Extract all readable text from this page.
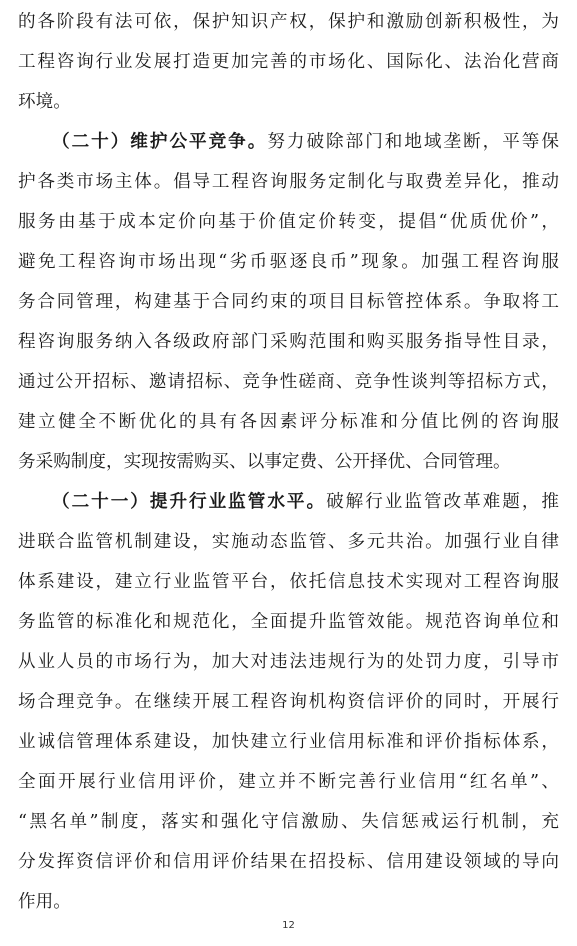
的各阶段有法可依，保护知识产权，保护和激励创新积极性，为
工程咨询行业发展打造更加完善的市场化、国际化、法治化营商
环境。
（二十）维护公平竞争。努力破除部门和地域垄断，平等保
护各类市场主体。倡导工程咨询服务定制化与取费差异化，推动
服务由基于成本定价向基于价值定价转变，提倡“优质优价”，
避免工程咨询市场出现“劣币驱逐良币”现象。加强工程咨询服
务合同管理，构建基于合同约束的项目目标管控体系。争取将工
程咨询服务纳入各级政府部门采购范围和购买服务指导性目录，
通过公开招标、邀请招标、竞争性磋商、竞争性谈判等招标方式，
建立健全不断优化的具有各因素评分标准和分值比例的咨询服
务采购制度，实现按需购买、以事定费、公开择优、合同管理。
（二十一）提升行业监管水平。破解行业监管改革难题，推
进联合监管机制建设，实施动态监管、多元共治。加强行业自律
体系建设，建立行业监管平台，依托信息技术实现对工程咨询服
务监管的标准化和规范化，全面提升监管效能。规范咨询单位和
从业人员的市场行为，加大对违法违规行为的处罚力度，引导市
场合理竞争。在继续开展工程咨询机构资信评价的同时，开展行
业诚信管理体系建设，加快建立行业信用标准和评价指标体系，
全面开展行业信用评价，建立并不断完善行业信用“红名单”、
“黑名单”制度，落实和强化守信激励、失信惩戒运行机制，充
分发挥资信评价和信用评价结果在招投标、信用建设领域的导向
作用。
12
